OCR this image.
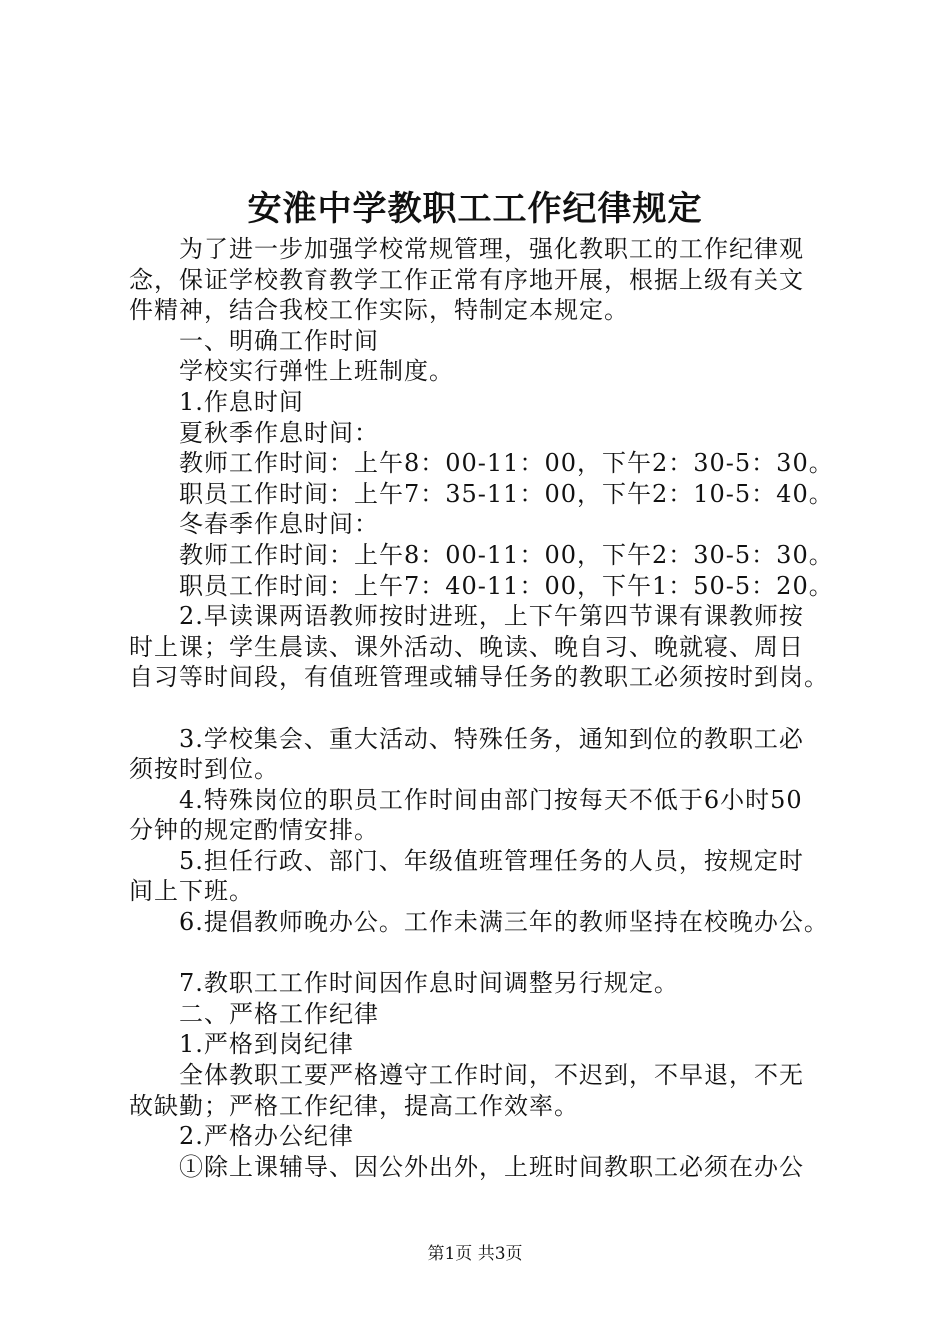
安淮中学教职工工作纪律规定
　　为了进一步加强学校常规管理，强化教职工的工作纪律观
念，保证学校教育教学工作正常有序地开展，根据上级有关文
件精神，结合我校工作实际，特制定本规定。
　　一、明确工作时间
　　学校实行弹性上班制度。
　　1.作息时间
　　夏秋季作息时间：
　　教师工作时间：上午8：00-11：00，下午2：30-5：30。
　　职员工作时间：上午7：35-11：00，下午2：10-5：40。
　　冬春季作息时间：
　　教师工作时间：上午8：00-11：00，下午2：30-5：30。
　　职员工作时间：上午7：40-11：00，下午1：50-5：20。
　　2.早读课两语教师按时进班，上下午第四节课有课教师按
时上课；学生晨读、课外活动、晚读、晚自习、晚就寝、周日
自习等时间段，有值班管理或辅导任务的教职工必须按时到岗。
　　3.学校集会、重大活动、特殊任务，通知到位的教职工必
须按时到位。
　　4.特殊岗位的职员工作时间由部门按每天不低于6小时50
分钟的规定酌情安排。
　　5.担任行政、部门、年级值班管理任务的人员，按规定时
间上下班。
　　6.提倡教师晚办公。工作未满三年的教师坚持在校晚办公。
　　7.教职工工作时间因作息时间调整另行规定。
　　二、严格工作纪律
　　1.严格到岗纪律
　　全体教职工要严格遵守工作时间，不迟到，不早退，不无
故缺勤；严格工作纪律，提高工作效率。
　　2.严格办公纪律
　　①除上课辅导、因公外出外，上班时间教职工必须在办公
第1页 共3页
